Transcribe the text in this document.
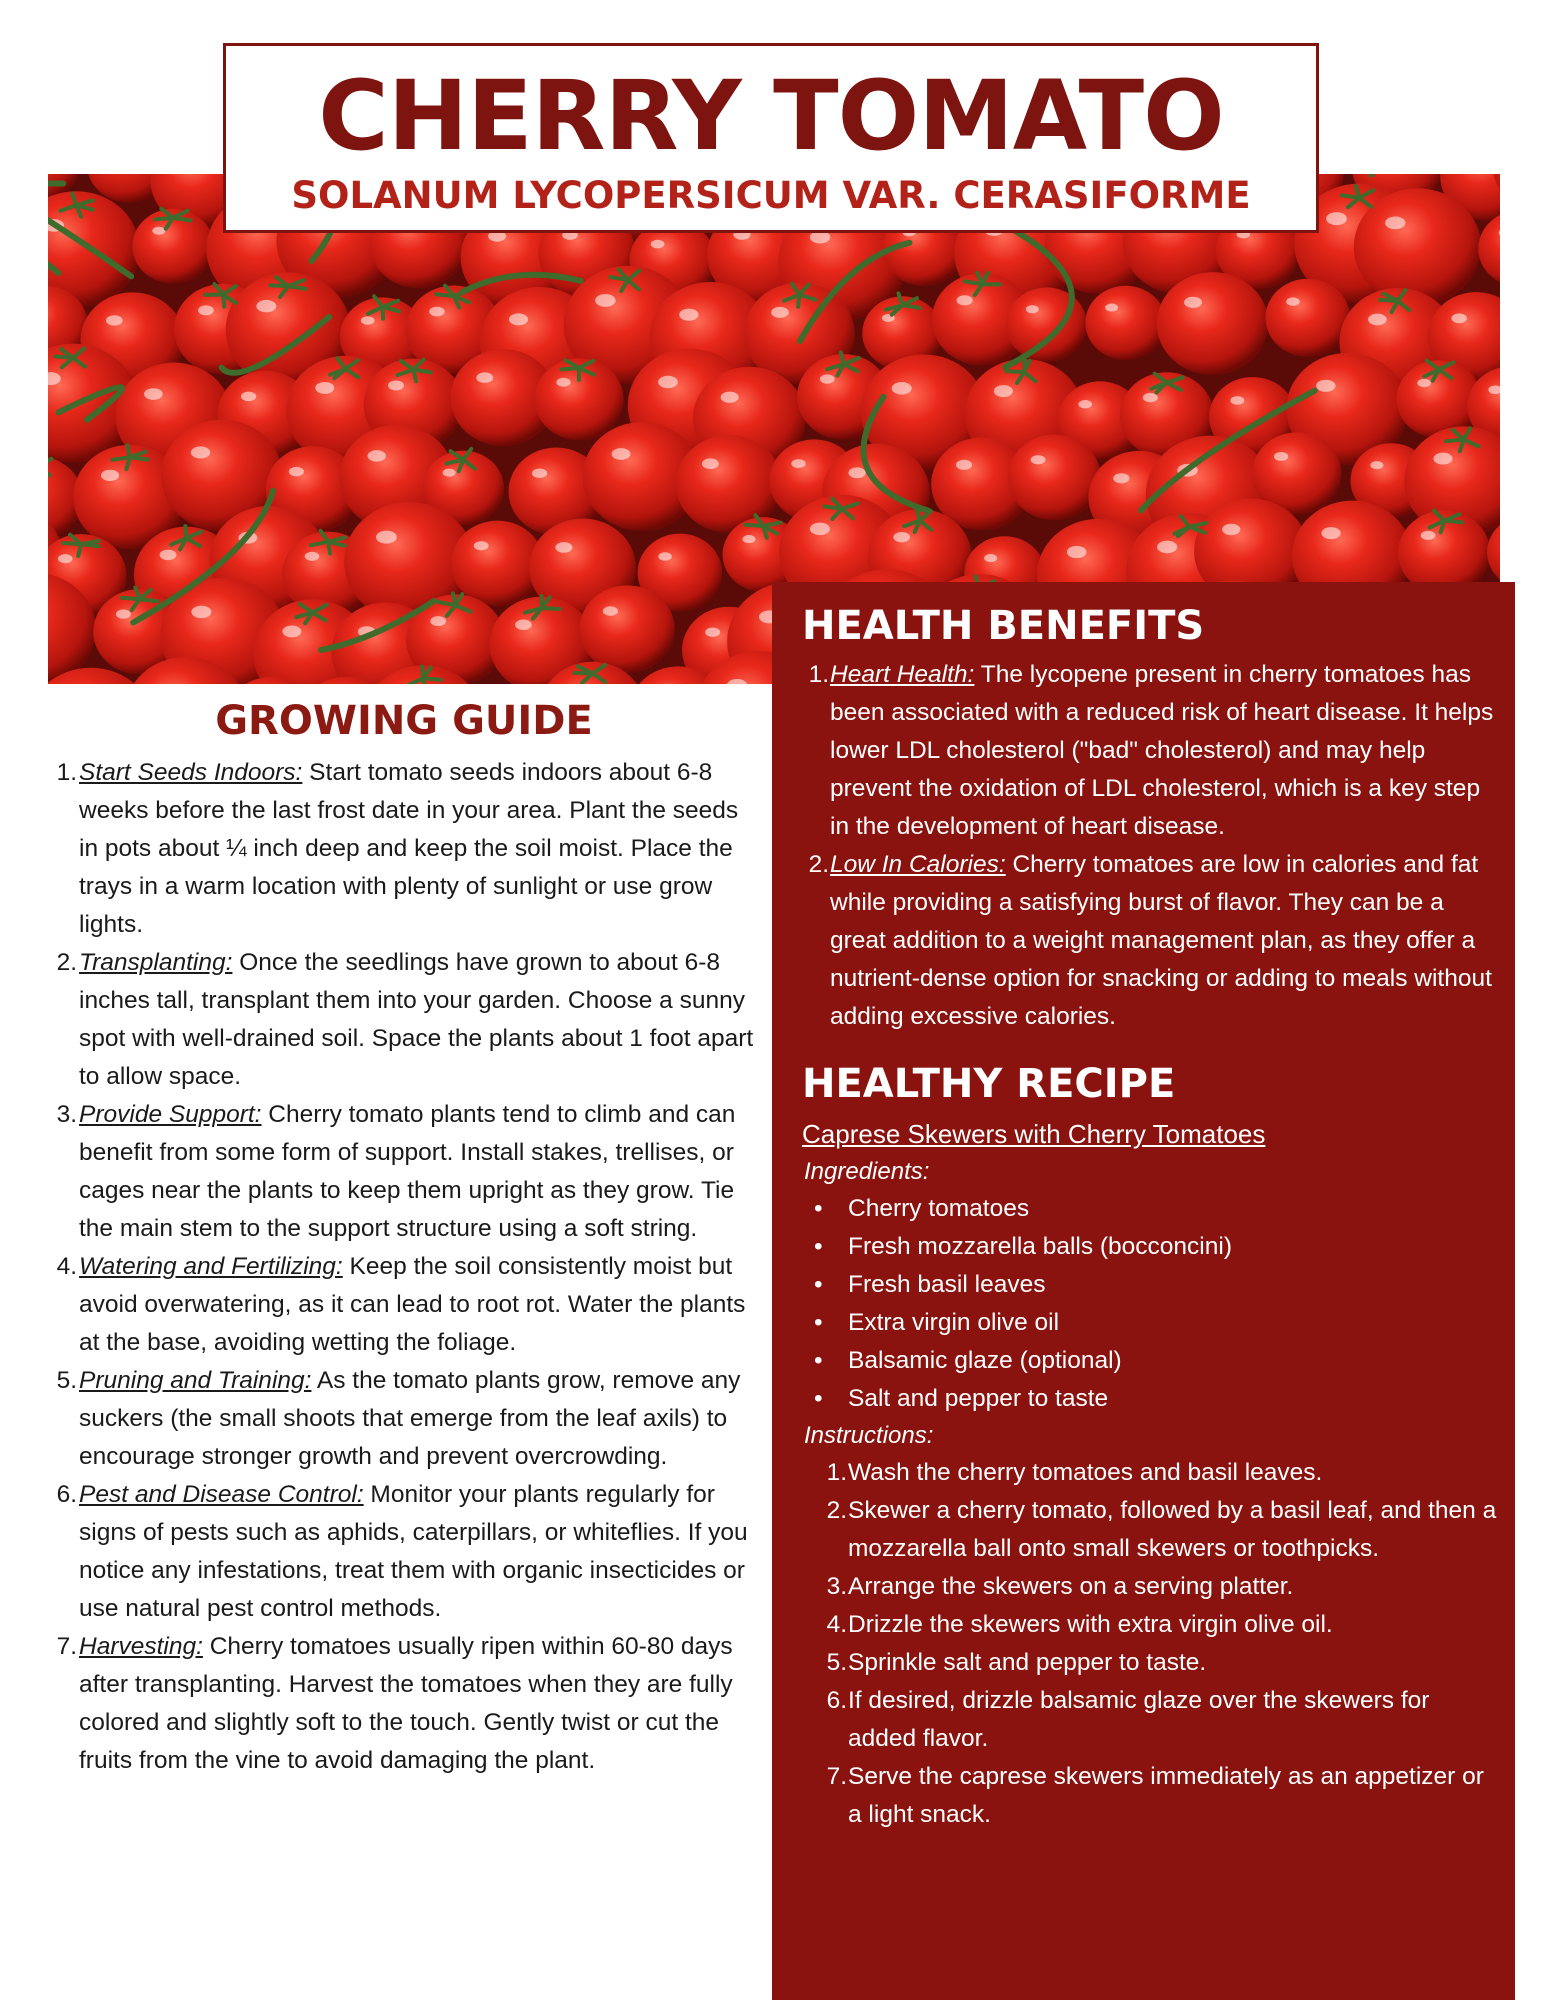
CHERRY TOMATO
SOLANUM LYCOPERSICUM VAR. CERASIFORME
GROWING GUIDE
1. Start Seeds Indoors: Start tomato seeds indoors about 6-8 weeks before the last frost date in your area. Plant the seeds in pots about ¼ inch deep and keep the soil moist. Place the trays in a warm location with plenty of sunlight or use grow lights.
2. Transplanting: Once the seedlings have grown to about 6-8 inches tall, transplant them into your garden. Choose a sunny spot with well-drained soil. Space the plants about 1 foot apart to allow space.
3. Provide Support: Cherry tomato plants tend to climb and can benefit from some form of support. Install stakes, trellises, or cages near the plants to keep them upright as they grow. Tie the main stem to the support structure using a soft string.
4. Watering and Fertilizing: Keep the soil consistently moist but avoid overwatering, as it can lead to root rot. Water the plants at the base, avoiding wetting the foliage.
5. Pruning and Training: As the tomato plants grow, remove any suckers (the small shoots that emerge from the leaf axils) to encourage stronger growth and prevent overcrowding.
6. Pest and Disease Control: Monitor your plants regularly for signs of pests such as aphids, caterpillars, or whiteflies. If you notice any infestations, treat them with organic insecticides or use natural pest control methods.
7. Harvesting: Cherry tomatoes usually ripen within 60-80 days after transplanting. Harvest the tomatoes when they are fully colored and slightly soft to the touch. Gently twist or cut the fruits from the vine to avoid damaging the plant.
HEALTH BENEFITS
1. Heart Health: The lycopene present in cherry tomatoes has been associated with a reduced risk of heart disease. It helps lower LDL cholesterol ("bad" cholesterol) and may help prevent the oxidation of LDL cholesterol, which is a key step in the development of heart disease.
2. Low In Calories: Cherry tomatoes are low in calories and fat while providing a satisfying burst of flavor. They can be a great addition to a weight management plan, as they offer a nutrient-dense option for snacking or adding to meals without adding excessive calories.
HEALTHY RECIPE
Caprese Skewers with Cherry Tomatoes
Ingredients:
• Cherry tomatoes
• Fresh mozzarella balls (bocconcini)
• Fresh basil leaves
• Extra virgin olive oil
• Balsamic glaze (optional)
• Salt and pepper to taste
Instructions:
1. Wash the cherry tomatoes and basil leaves.
2. Skewer a cherry tomato, followed by a basil leaf, and then a mozzarella ball onto small skewers or toothpicks.
3. Arrange the skewers on a serving platter.
4. Drizzle the skewers with extra virgin olive oil.
5. Sprinkle salt and pepper to taste.
6. If desired, drizzle balsamic glaze over the skewers for added flavor.
7. Serve the caprese skewers immediately as an appetizer or a light snack.
